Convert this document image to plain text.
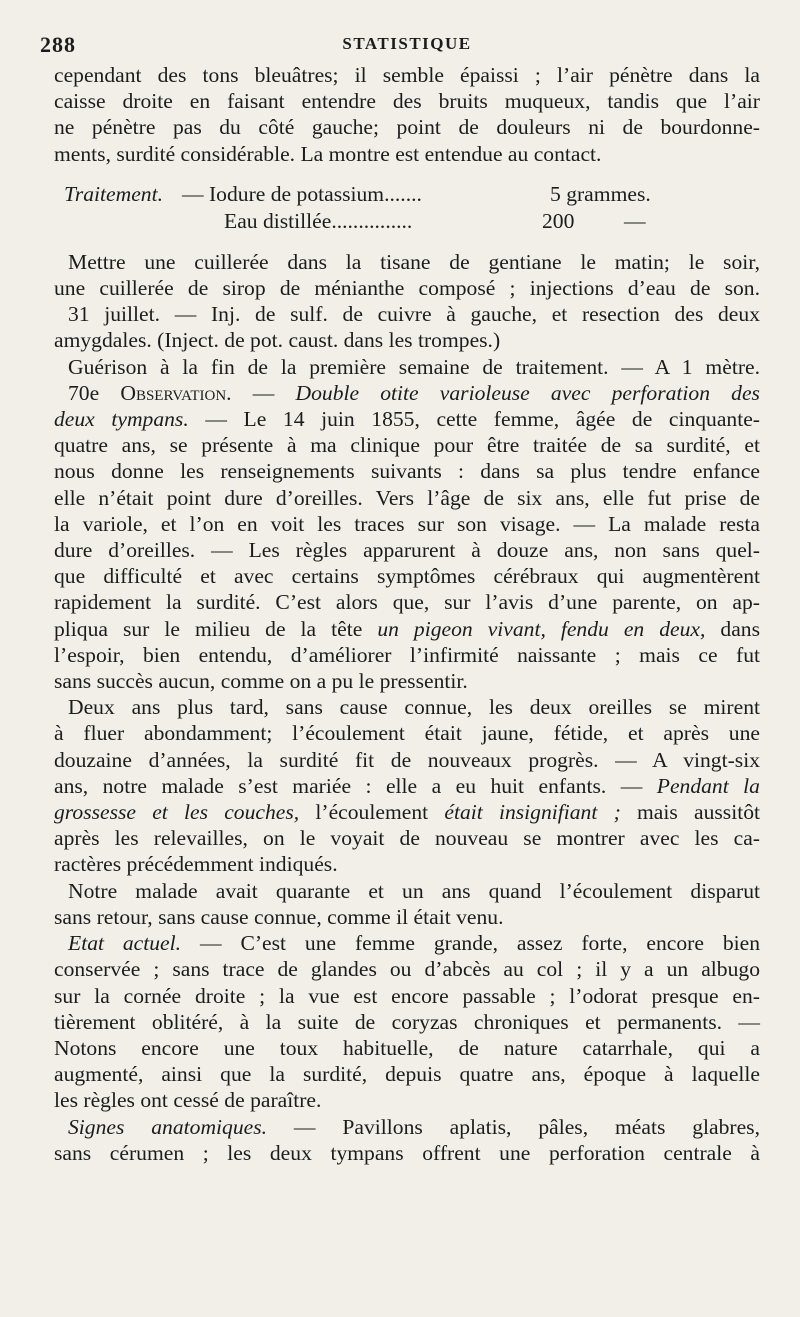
288	STATISTIQUE
cependant des tons bleuâtres; il semble épaissi ; l’air pénètre dans la
caisse droite en faisant entendre des bruits muqueux, tandis que l’air
ne pénètre pas du côté gauche; point de douleurs ni de bourdonne-
ments, surdité considérable. La montre est entendue au contact.
Traitement. — Iodure de potassium.......	5 grammes.
Eau distillée...............	200 —
Mettre une cuillerée dans la tisane de gentiane le matin; le soir,
une cuillerée de sirop de ménianthe composé ; injections d’eau de son.
31 juillet. — Inj. de sulf. de cuivre à gauche, et resection des deux
amygdales. (Inject. de pot. caust. dans les trompes.)
Guérison à la fin de la première semaine de traitement. — A 1 mètre.
70e Observation. — Double otite varioleuse avec perforation des
deux tympans. — Le 14 juin 1855, cette femme, âgée de cinquante-
quatre ans, se présente à ma clinique pour être traitée de sa surdité, et
nous donne les renseignements suivants : dans sa plus tendre enfance
elle n’était point dure d’oreilles. Vers l’âge de six ans, elle fut prise de
la variole, et l’on en voit les traces sur son visage. — La malade resta
dure d’oreilles. — Les règles apparurent à douze ans, non sans quel-
que difficulté et avec certains symptômes cérébraux qui augmentèrent
rapidement la surdité. C’est alors que, sur l’avis d’une parente, on ap-
pliqua sur le milieu de la tête un pigeon vivant, fendu en deux, dans
l’espoir, bien entendu, d’améliorer l’infirmité naissante ; mais ce fut
sans succès aucun, comme on a pu le pressentir.
Deux ans plus tard, sans cause connue, les deux oreilles se mirent
à fluer abondamment; l’écoulement était jaune, fétide, et après une
douzaine d’années, la surdité fit de nouveaux progrès. — A vingt-six
ans, notre malade s’est mariée : elle a eu huit enfants. — Pendant la
grossesse et les couches, l’écoulement était insignifiant ; mais aussitôt
après les relevailles, on le voyait de nouveau se montrer avec les ca-
ractères précédemment indiqués.
Notre malade avait quarante et un ans quand l’écoulement disparut
sans retour, sans cause connue, comme il était venu.
Etat actuel. — C’est une femme grande, assez forte, encore bien
conservée ; sans trace de glandes ou d’abcès au col ; il y a un albugo
sur la cornée droite ; la vue est encore passable ; l’odorat presque en-
tièrement oblitéré, à la suite de coryzas chroniques et permanents. —
Notons encore une toux habituelle, de nature catarrhale, qui a
augmenté, ainsi que la surdité, depuis quatre ans, époque à laquelle
les règles ont cessé de paraître.
Signes anatomiques. — Pavillons aplatis, pâles, méats glabres,
sans cérumen ; les deux tympans offrent une perforation centrale à
